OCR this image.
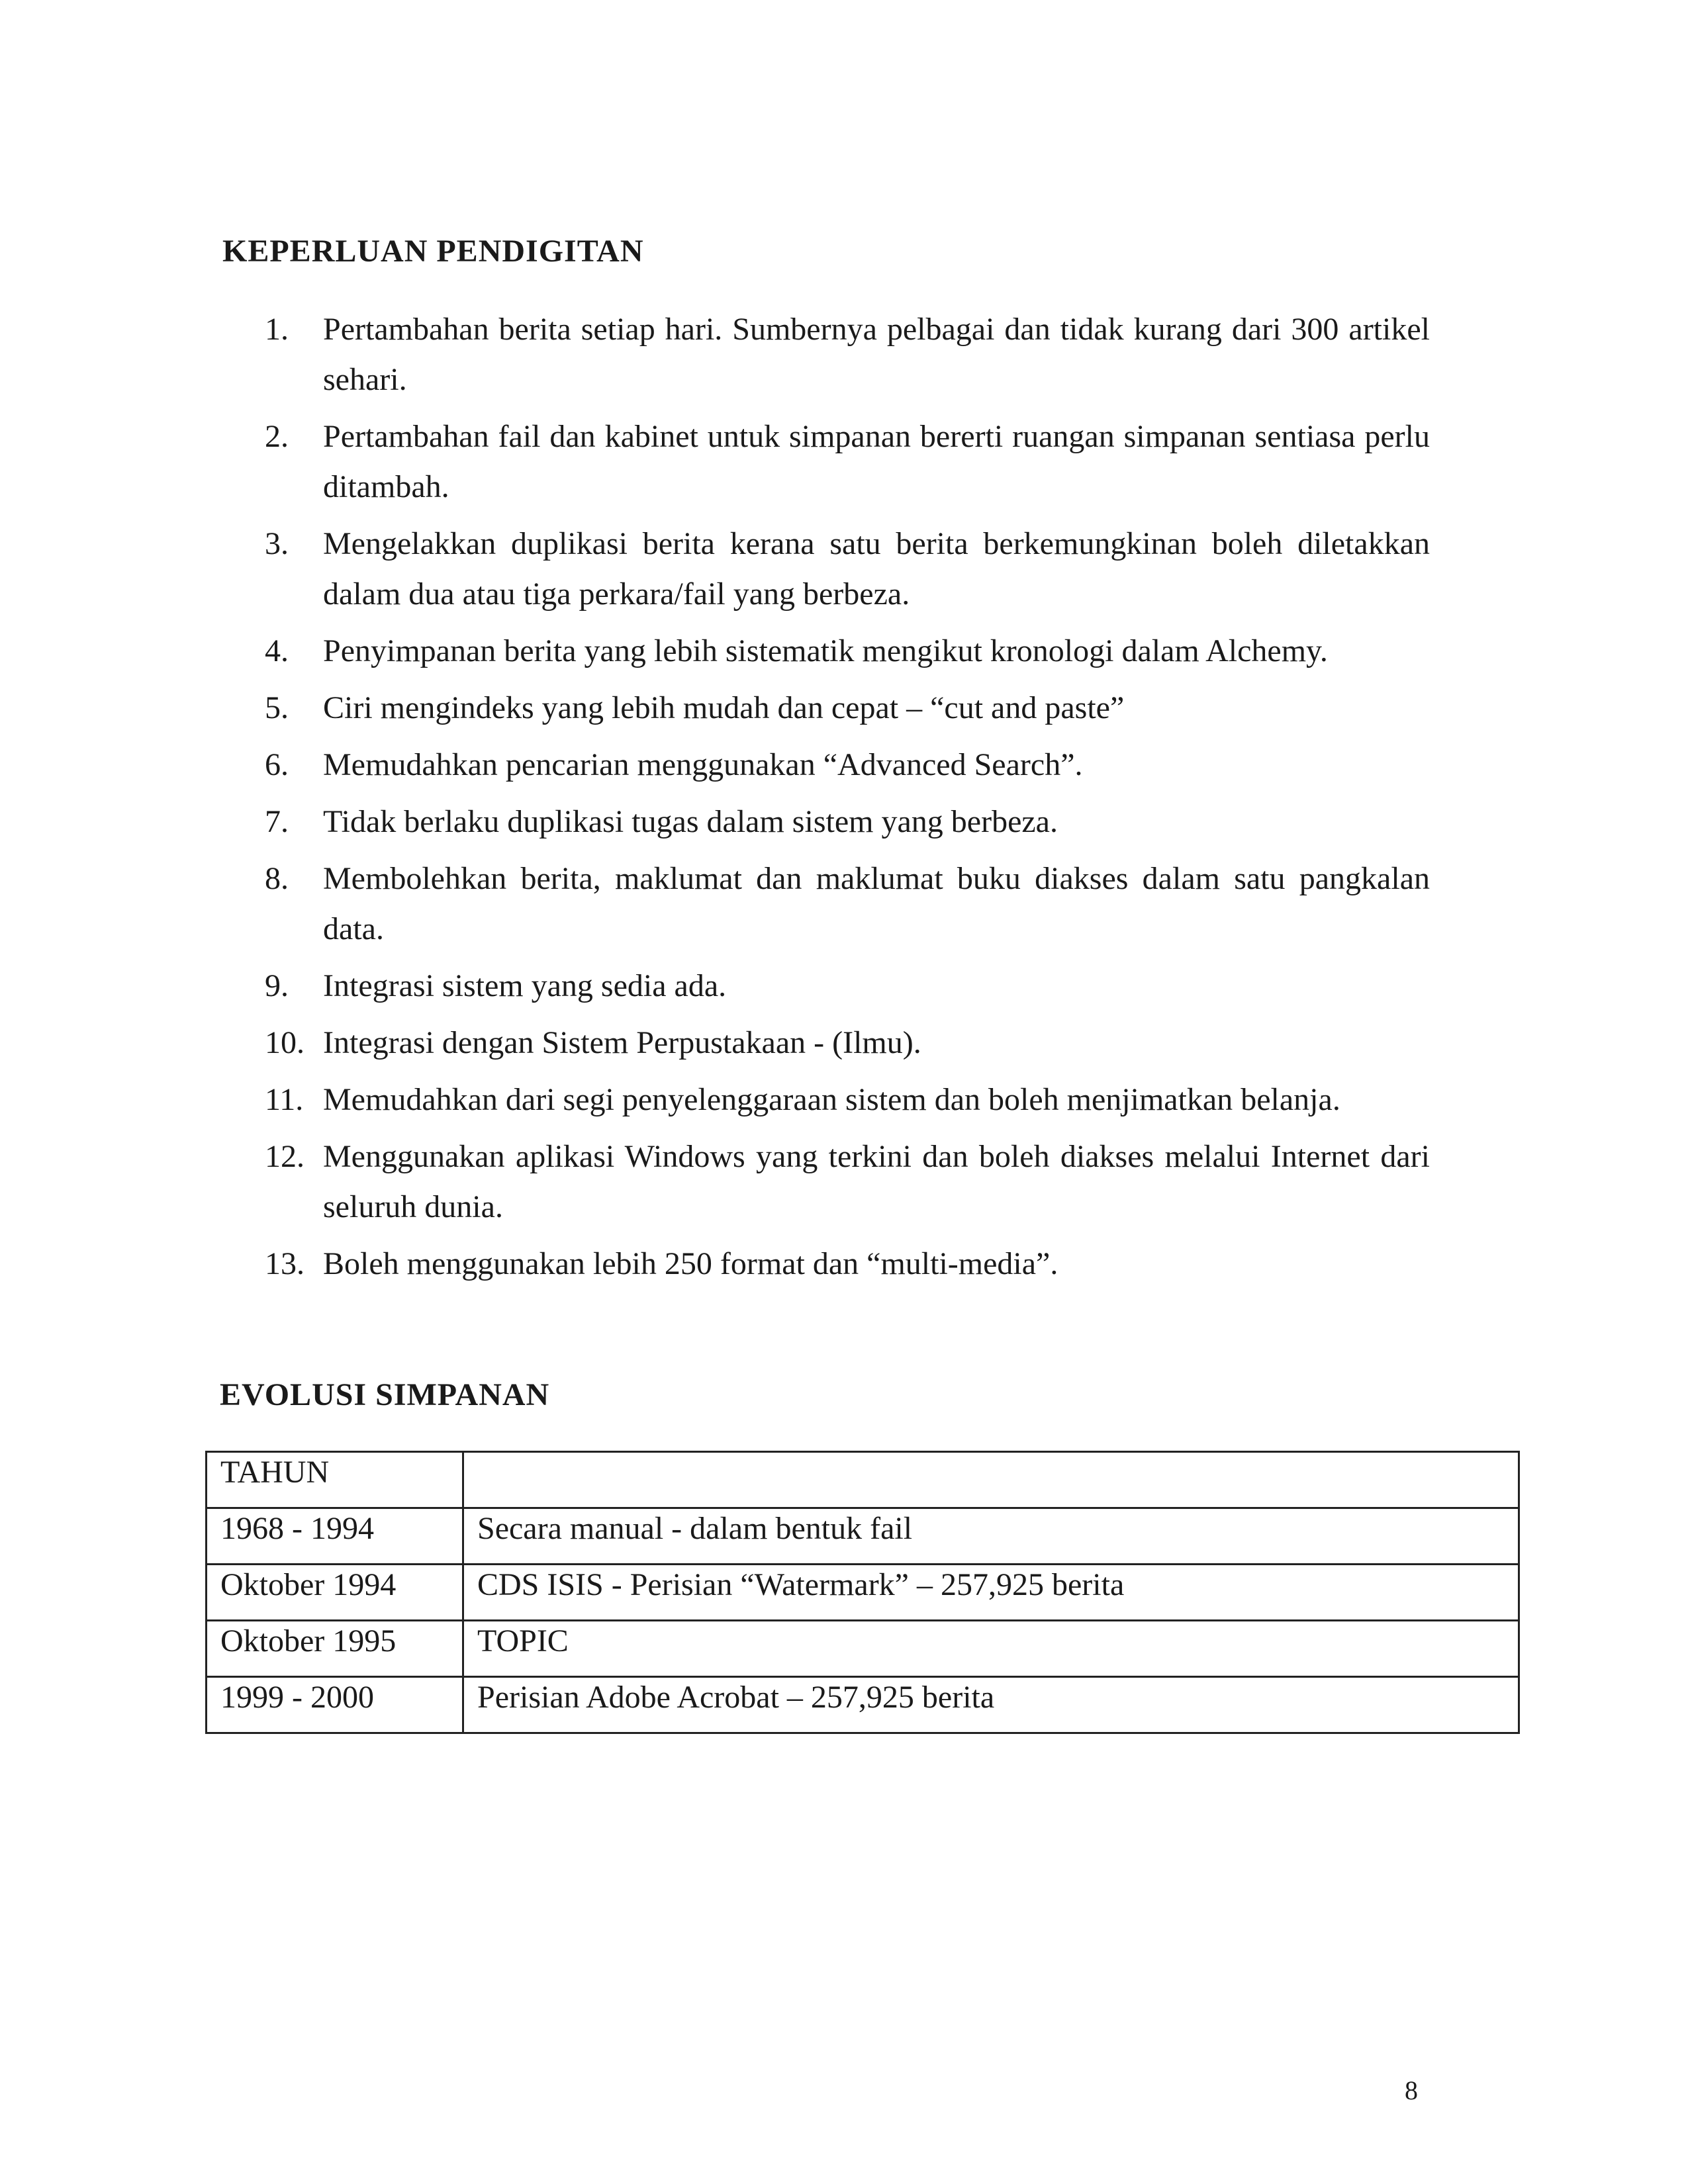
KEPERLUAN PENDIGITAN
1. Pertambahan berita setiap hari. Sumbernya pelbagai dan tidak kurang dari 300 artikel sehari.
2. Pertambahan fail dan kabinet untuk simpanan bererti ruangan simpanan sentiasa perlu ditambah.
3. Mengelakkan duplikasi berita kerana satu berita berkemungkinan boleh diletakkan dalam dua atau tiga perkara/fail yang berbeza.
4. Penyimpanan berita yang lebih sistematik mengikut kronologi dalam Alchemy.
5. Ciri mengindeks yang lebih mudah dan cepat – “cut and paste”
6. Memudahkan pencarian menggunakan “Advanced Search”.
7. Tidak berlaku duplikasi tugas dalam sistem yang berbeza.
8. Membolehkan berita, maklumat dan maklumat buku diakses dalam satu pangkalan data.
9. Integrasi sistem yang sedia ada.
10. Integrasi dengan Sistem Perpustakaan - (Ilmu).
11. Memudahkan dari segi penyelenggaraan sistem dan boleh menjimatkan belanja.
12. Menggunakan aplikasi Windows yang terkini dan boleh diakses melalui Internet dari seluruh dunia.
13. Boleh menggunakan lebih 250 format dan “multi-media”.
EVOLUSI SIMPANAN
TAHUN	
1968 - 1994	Secara manual - dalam bentuk fail
Oktober 1994	CDS ISIS - Perisian “Watermark” – 257,925 berita
Oktober 1995	TOPIC
1999 - 2000	Perisian Adobe Acrobat – 257,925 berita

8
